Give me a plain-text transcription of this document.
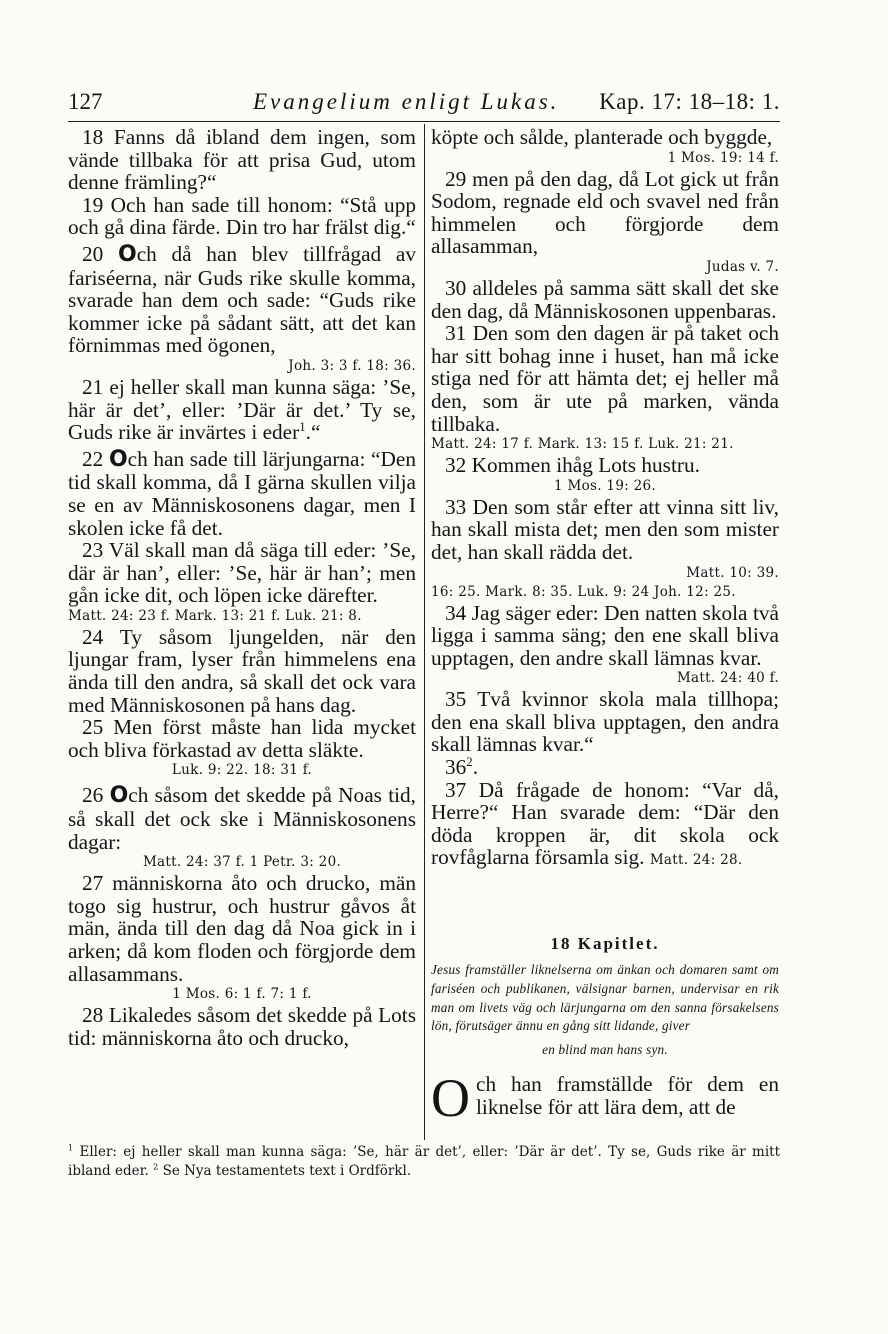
127	Evangelium enligt Lukas. Kap. 17: 18–18: 1.
18 Fanns då ibland dem ingen, som vände tillbaka för att prisa Gud, utom denne främling?“
19 Och han sade till honom: “Stå upp och gå dina färde. Din tro har frälst dig.“
20 Och då han blev tillfrågad av fariséerna, när Guds rike skulle komma, svarade han dem och sade: “Guds rike kommer icke på sådant sätt, att det kan förnimmas med ögonen,
Joh. 3: 3 f. 18: 36.
21 ej heller skall man kunna säga: ’Se, här är det’, eller: ’Där är det.’ Ty se, Guds rike är invärtes i eder$^1$.“
22 Och han sade till lärjungarna: “Den tid skall komma, då I gärna skullen vilja se en av Människosonens dagar, men I skolen icke få det.
23 Väl skall man då säga till eder: ’Se, där är han’, eller: ’Se, här är han’; men gån icke dit, och löpen icke därefter.
Matt. 24: 23 f. Mark. 13: 21 f. Luk. 21: 8.
24 Ty såsom ljungelden, när den ljungar fram, lyser från himmelens ena ända till den andra, så skall det ock vara med Människosonen på hans dag.
25 Men först måste han lida mycket och bliva förkastad av detta släkte.
Luk. 9: 22. 18: 31 f.
26 Och såsom det skedde på Noas tid, så skall det ock ske i Människosonens dagar:
Matt. 24: 37 f. 1 Petr. 3: 20.
27 människorna åto och drucko, män togo sig hustrur, och hustrur gåvos åt män, ända till den dag då Noa gick in i arken; då kom floden och förgjorde dem allasammans.
1 Mos. 6: 1 f. 7: 1 f.
28 Likaledes såsom det skedde på Lots tid: människorna åto och drucko,
köpte och sålde, planterade och byggde,
1 Mos. 19: 14 f.
29 men på den dag, då Lot gick ut från Sodom, regnade eld och svavel ned från himmelen och förgjorde dem allasamman,
Judas v. 7.
30 alldeles på samma sätt skall det ske den dag, då Människosonen uppenbaras.
31 Den som den dagen är på taket och har sitt bohag inne i huset, han må icke stiga ned för att hämta det; ej heller må den, som är ute på marken, vända tillbaka.
Matt. 24: 17 f. Mark. 13: 15 f. Luk. 21: 21.
32 Kommen ihåg Lots hustru.
1 Mos. 19: 26.
33 Den som står efter att vinna sitt liv, han skall mista det; men den som mister det, han skall rädda det.
Matt. 10: 39.
16: 25. Mark. 8: 35. Luk. 9: 24 Joh. 12: 25.
34 Jag säger eder: Den natten skola två ligga i samma säng; den ene skall bliva upptagen, den andre skall lämnas kvar.
Matt. 24: 40 f.
35 Två kvinnor skola mala tillhopa; den ena skall bliva upptagen, den andra skall lämnas kvar.“
$36^2$.
37 Då frågade de honom: “Var då, Herre?“ Han svarade dem: “Där den döda kroppen är, dit skola ock rovfåglarna församla sig. Matt. 24: 28.
18 Kapitlet.
Jesus framställer liknelserna om änkan och domaren samt om fariséen och publikanen, välsignar barnen, undervisar en rik man om livets väg och lärjungarna om den sanna försakelsens lön, förutsäger ännu en gång sitt lidande, giver
en blind man hans syn.
Och han framställde för dem en liknelse för att lära dem, att de
$^1$ Eller: ej heller skall man kunna säga: ’Se, här är det’, eller: ’Där är det’. Ty se, Guds rike är mitt ibland eder. $^2$ Se Nya testamentets text i Ordförkl.
